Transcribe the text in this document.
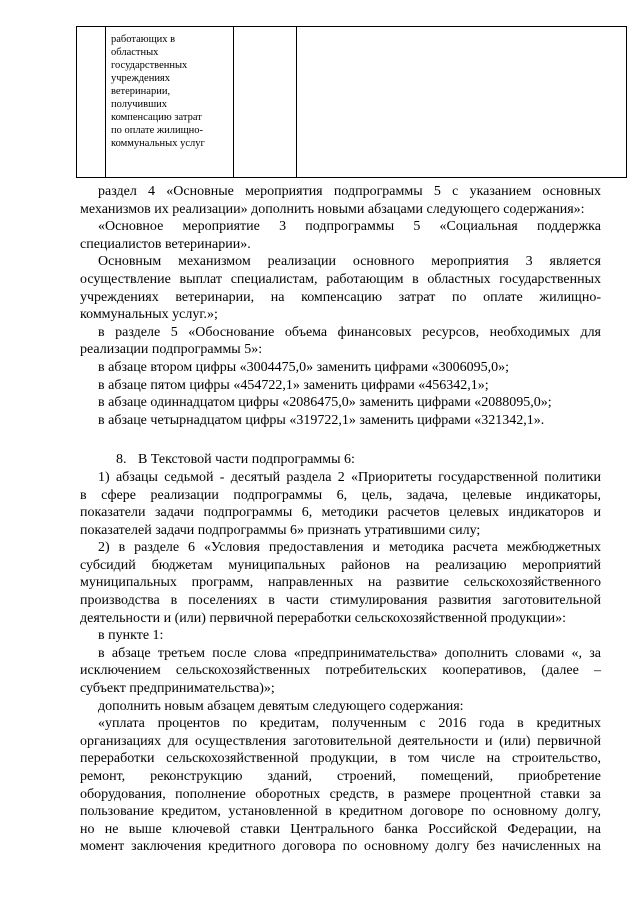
работающих в
областных
государственных
учреждениях
ветеринарии,
получивших
компенсацию затрат
по оплате жилищно-
коммунальных услуг

раздел 4 «Основные мероприятия подпрограммы 5 с указанием основных

механизмов их реализации» дополнить новыми абзацами следующего содержания»:

«Основное мероприятие 3 подпрограммы 5 «Социальная поддержка

специалистов ветеринарии».

Основным механизмом реализации основного мероприятия 3 является

осуществление выплат специалистам, работающим в областных государственных

учреждениях ветеринарии, на компенсацию затрат по оплате жилищно-

коммунальных услуг.»;

в разделе 5 «Обоснование объема финансовых ресурсов, необходимых для

реализации подпрограммы 5»:

в абзаце втором цифры «3004475,0» заменить цифрами «3006095,0»;

в абзаце пятом цифры «454722,1» заменить цифрами «456342,1»;

в абзаце одиннадцатом цифры «2086475,0» заменить цифрами «2088095,0»;

в абзаце четырнадцатом цифры «319722,1» заменить цифрами «321342,1».

8. В Текстовой части подпрограммы 6:

1) абзацы седьмой - десятый раздела 2 «Приоритеты государственной политики

в сфере реализации подпрограммы 6, цель, задача, целевые индикаторы,

показатели задачи подпрограммы 6, методики расчетов целевых индикаторов и

показателей задачи подпрограммы 6» признать утратившими силу;

2) в разделе 6 «Условия предоставления и методика расчета межбюджетных

субсидий бюджетам муниципальных районов на реализацию мероприятий

муниципальных программ, направленных на развитие сельскохозяйственного

производства в поселениях в части стимулирования развития заготовительной

деятельности и (или) первичной переработки сельскохозяйственной продукции»:

в пункте 1:

в абзаце третьем после слова «предпринимательства» дополнить словами «, за

исключением сельскохозяйственных потребительских кооперативов, (далее –

субъект предпринимательства)»;

дополнить новым абзацем девятым следующего содержания:

«уплата процентов по кредитам, полученным с 2016 года в кредитных

организациях для осуществления заготовительной деятельности и (или) первичной

переработки сельскохозяйственной продукции, в том числе на строительство,

ремонт, реконструкцию зданий, строений, помещений, приобретение

оборудования, пополнение оборотных средств, в размере процентной ставки за

пользование кредитом, установленной в кредитном договоре по основному долгу,

но не выше ключевой ставки Центрального банка Российской Федерации, на

момент заключения кредитного договора по основному долгу без начисленных на
